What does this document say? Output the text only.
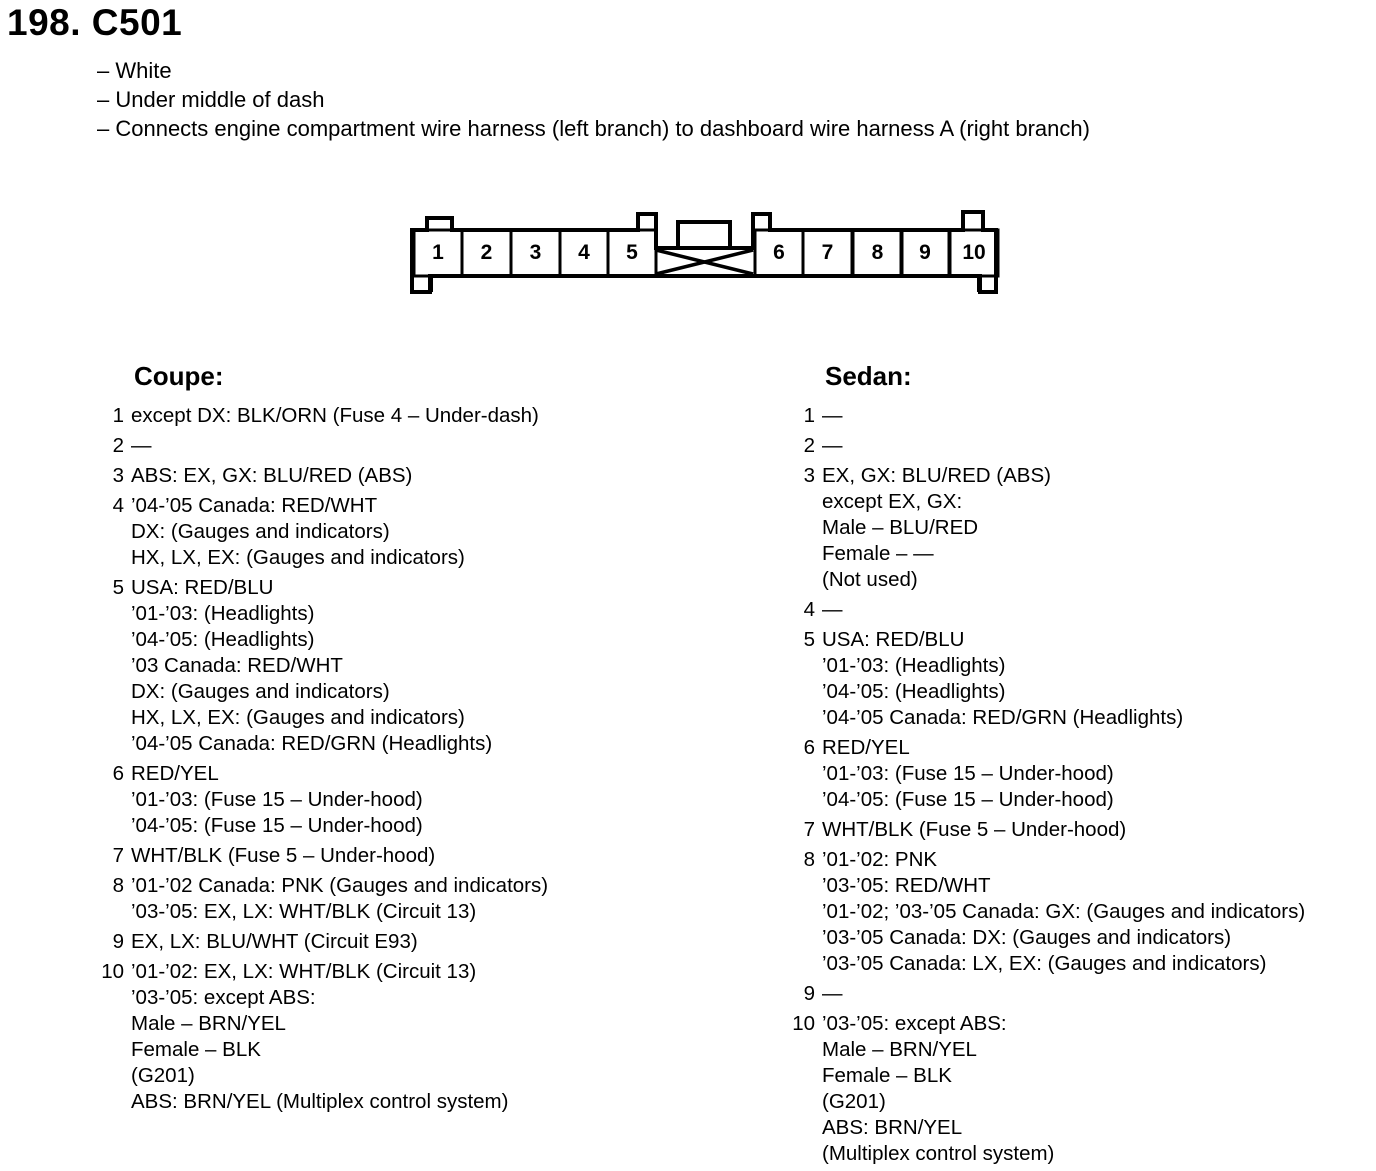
198. C501
– White
– Under middle of dash
– Connects engine compartment wire harness (left branch) to dashboard wire harness A (right branch)
1 2 3 4 5	6 7 8 9 10
Coupe:	Sedan:
1 except DX: BLK/ORN (Fuse 4 – Under-dash)
2 —
3 ABS: EX, GX: BLU/RED (ABS)
4 ’04-’05 Canada: RED/WHT
DX: (Gauges and indicators)
HX, LX, EX: (Gauges and indicators)
5 USA: RED/BLU
’01-’03: (Headlights)
’04-’05: (Headlights)
’03 Canada: RED/WHT
DX: (Gauges and indicators)
HX, LX, EX: (Gauges and indicators)
’04-’05 Canada: RED/GRN (Headlights)
6 RED/YEL
’01-’03: (Fuse 15 – Under-hood)
’04-’05: (Fuse 15 – Under-hood)
7 WHT/BLK (Fuse 5 – Under-hood)
8 ’01-’02 Canada: PNK (Gauges and indicators)
’03-’05: EX, LX: WHT/BLK (Circuit 13)
9 EX, LX: BLU/WHT (Circuit E93)
10 ’01-’02: EX, LX: WHT/BLK (Circuit 13)
’03-’05: except ABS:
Male – BRN/YEL
Female – BLK
(G201)
ABS: BRN/YEL (Multiplex control system)
1 —
2 —
3 EX, GX: BLU/RED (ABS)
except EX, GX:
Male – BLU/RED
Female – —
(Not used)
4 —
5 USA: RED/BLU
’01-’03: (Headlights)
’04-’05: (Headlights)
’04-’05 Canada: RED/GRN (Headlights)
6 RED/YEL
’01-’03: (Fuse 15 – Under-hood)
’04-’05: (Fuse 15 – Under-hood)
7 WHT/BLK (Fuse 5 – Under-hood)
8 ’01-’02: PNK
’03-’05: RED/WHT
’01-’02; ’03-’05 Canada: GX: (Gauges and indicators)
’03-’05 Canada: DX: (Gauges and indicators)
’03-’05 Canada: LX, EX: (Gauges and indicators)
9 —
10 ’03-’05: except ABS:
Male – BRN/YEL
Female – BLK
(G201)
ABS: BRN/YEL
(Multiplex control system)
